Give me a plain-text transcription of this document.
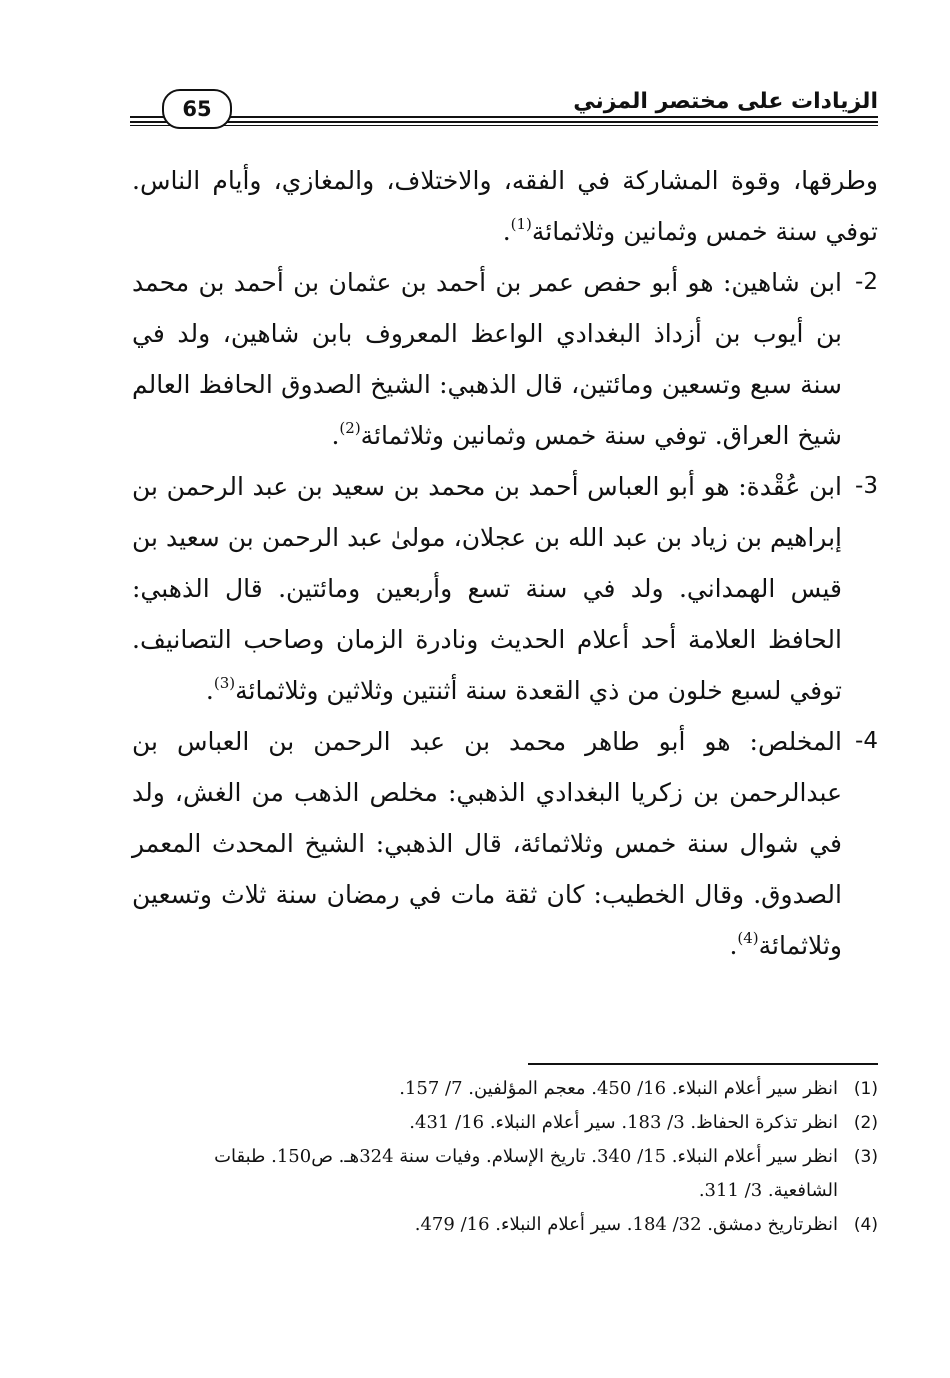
الزيادات على مختصر المزني
65

وطرقها، وقوة المشاركة في الفقه، والاختلاف، والمغازي، وأيام الناس. توفي سنة خمس وثمانين وثلاثمائة$^{(1)}$.

2-
ابن شاهين: هو أبو حفص عمر بن أحمد بن عثمان بن أحمد بن محمد بن أيوب بن أزداذ البغدادي الواعظ المعروف بابن شاهين، ولد في سنة سبع وتسعين ومائتين، قال الذهبي: الشيخ الصدوق الحافظ العالم شيخ العراق. توفي سنة خمس وثمانين وثلاثمائة$^{(2)}$.

3-
ابن عُقْدة: هو أبو العباس أحمد بن محمد بن سعيد بن عبد الرحمن بن إبراهيم بن زياد بن عبد الله بن عجلان، مولىٰ عبد الرحمن بن سعيد بن قيس الهمداني. ولد في سنة تسع وأربعين ومائتين. قال الذهبي: الحافظ العلامة أحد أعلام الحديث ونادرة الزمان وصاحب التصانيف. توفي لسبع خلون من ذي القعدة سنة أثنتين وثلاثين وثلاثمائة$^{(3)}$.

4-
المخلص: هو أبو طاهر محمد بن عبد الرحمن بن العباس بن عبدالرحمن بن زكريا البغدادي الذهبي: مخلص الذهب من الغش، ولد في شوال سنة خمس وثلاثمائة، قال الذهبي: الشيخ المحدث المعمر الصدوق. وقال الخطيب: كان ثقة مات في رمضان سنة ثلاث وتسعين وثلاثمائة$^{(4)}$.

(1)
انظر سير أعلام النبلاء. 16/ 450. معجم المؤلفين. 7/ 157.

(2)
انظر تذكرة الحفاظ. 3/ 183. سير أعلام النبلاء. 16/ 431.

(3)
انظر سير أعلام النبلاء. 15/ 340. تاريخ الإسلام. وفيات سنة 324هـ. ص150. طبقات الشافعية. 3/ 311.

(4)
انظرتاريخ دمشق. 32/ 184. سير أعلام النبلاء. 16/ 479.
